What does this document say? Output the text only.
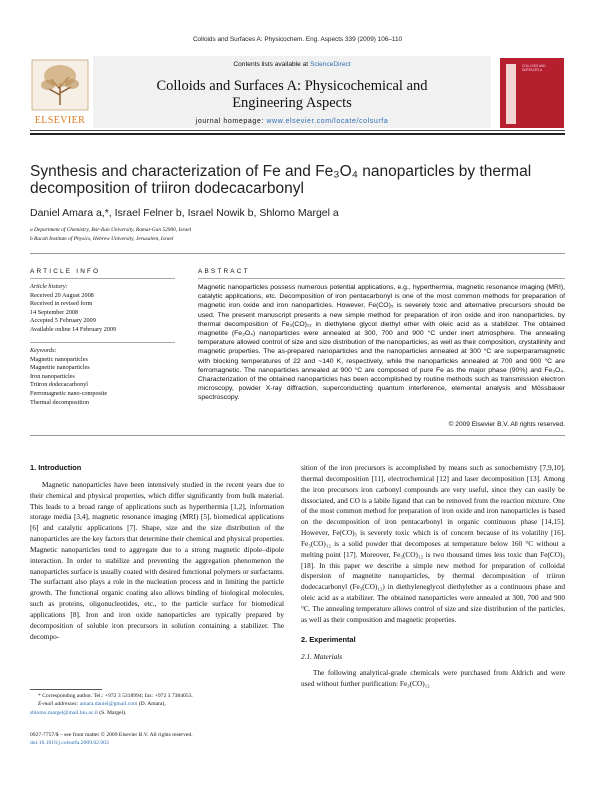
Colloids and Surfaces A: Physicochem. Eng. Aspects 339 (2009) 106–110
ELSEVIER
Contents lists available at ScienceDirect
Colloids and Surfaces A: Physicochemical and
Engineering Aspects
journal homepage: www.elsevier.com/locate/colsurfa
COLLOIDS AND SURFACES A
Synthesis and characterization of Fe and Fe₃O₄ nanoparticles by thermal
decomposition of triiron dodecacarbonyl
Daniel Amara a,*, Israel Felner b, Israel Nowik b, Shlomo Margel a
a Department of Chemistry, Bar-Ilan University, Ramat-Gan 52900, Israel
b Racah Institute of Physics, Hebrew University, Jerusalem, Israel
ARTICLE INFO	ABSTRACT
Article history:
Received 20 August 2008
Received in revised form
14 September 2008
Accepted 5 February 2009
Available online 14 February 2009
Keywords:
Magnetic nanoparticles
Magnetite nanoparticles
Iron nanoparticles
Triiron dodecacarbonyl
Ferromagnetic nano-composite
Thermal decomposition
Magnetic nanoparticles possess numerous potential applications, e.g., hyperthermia, magnetic resonance imaging (MRI), catalytic applications, etc. Decomposition of iron pentacarbonyl is one of the most common methods for preparation of magnetic iron oxide and iron nanoparticles. However, Fe(CO)₅ is severely toxic and alternative precursors should be used. The present manuscript presents a new simple method for preparation of iron oxide and iron nanoparticles, by thermal decomposition of Fe₃(CO)₁₂ in diethylene glycol diethyl ether with oleic acid as a stabilizer. The obtained magnetite (Fe₃O₄) nanoparticles were annealed at 300, 700 and 900 °C under inert atmosphere. The annealing temperature allowed control of size and size distribution of the nanoparticles, as well as their composition, crystallinity and magnetic properties. The as-prepared nanoparticles and the nanoparticles annealed at 300 °C are superparamagnetic with blocking temperatures of 22 and ~140 K, respectively, while the nanoparticles annealed at 700 and 900 °C are ferromagnetic. The nanoparticles annealed at 900 °C are composed of pure Fe as the major phase (90%) and Fe₃O₄. Characterization of the obtained nanoparticles has been accomplished by routine methods such as transmission electron microscopy, powder X-ray diffraction, superconducting quantum interference, elemental analysis and Mössbauer spectroscopy.
© 2009 Elsevier B.V. All rights reserved.
1. Introduction
Magnetic nanoparticles have been intensively studied in the recent years due to their chemical and physical properties, which differ significantly from bulk material. This leads to a broad range of applications such as hyperthermia [1,2], information storage media [3,4], magnetic resonance imaging (MRI) [5], biomedical applications [6] and catalytic applications [7]. Shape, size and the size distribution of the nanoparticles are the key factors that determine their chemical and physical properties. Magnetic nanoparticles tend to aggregate due to a strong magnetic dipole–dipole interaction. In order to stabilize and preventing the aggregation phenomenon the nanoparticles surface is usually coated with desired functional polymers or surfactants. The surfactant also plays a role in the nucleation process and in limiting the particle growth. The functional organic coating also allows binding of biological molecules, such as proteins, oligonucleotides, etc., to the particle surface for biomedical applications [8]. Iron and iron oxide nanoparticles are typically prepared by decomposition of soluble iron precursors in solution containing a stabilizer. The decompo-
sition of the iron precursors is accomplished by means such as sonochemistry [7,9,10], thermal decomposition [11], electrochemical [12] and laser decomposition [13]. Among the iron precursors iron carbonyl compounds are very useful, since they can easily be dissociated, and CO is a labile ligand that can be removed from the reaction mixture. One of the most common method for preparation of iron oxide and iron nanoparticles is based on the decomposition of iron pentacarbonyl in organic continuous phase [14,15]. However, Fe(CO)₅ is severely toxic which is of concern because of its volatility [16]. Fe₃(CO)₁₂ is a solid powder that decomposes at temperature below 160 °C without a melting point [17]. Moreover, Fe₃(CO)₁₂ is two thousand times less toxic than Fe(CO)₅ [18]. In this paper we describe a simple new method for preparation of colloidal dispersion of magnetite nanoparticles, by thermal decomposition of triiron dodecacarbonyl (Fe₃(CO)₁₂) in diethyleneglycol diethylether as a continuous phase and oleic acid as a stabilizer. The obtained nanoparticles were annealed at 300, 700 and 900 °C. The annealing temperature allows control of size and size distribution of the particles, as well as their composition and magnetic properties.
2. Experimental
2.1. Materials
The following analytical-grade chemicals were purchased from Aldrich and were used without further purification: Fe₃(CO)₁₂
* Corresponding author. Tel.: +972 3 5318994; fax: +972 3 7384053.
E-mail addresses: amara.daniel@gmail.com (D. Amara),
shlomo.margel@mail.biu.ac.il (S. Margel).
0927-7757/$ – see front matter © 2009 Elsevier B.V. All rights reserved.
doi:10.1016/j.colsurfa.2009.02.003
